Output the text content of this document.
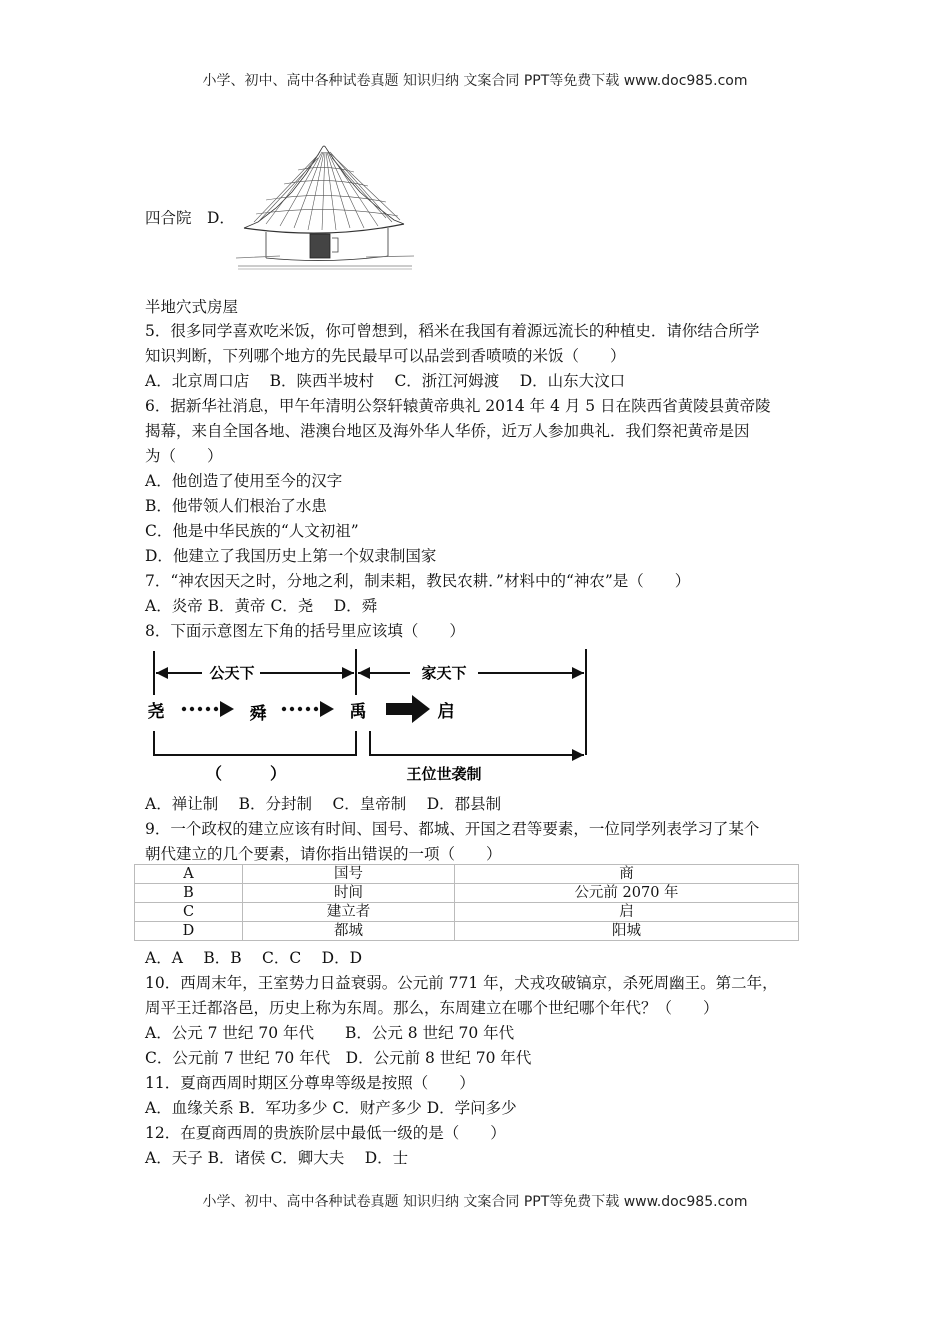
小学、初中、高中各种试卷真题 知识归纳 文案合同 PPT等免费下载 www.doc985.com
四合院　D．
半地穴式房屋
5．很多同学喜欢吃米饭，你可曾想到，稻米在我国有着源远流长的种植史．请你结合所学
知识判断，下列哪个地方的先民最早可以品尝到香喷喷的米饭（　　）
A．北京周口店　 B．陕西半坡村　 C．浙江河姆渡　 D．山东大汶口
6．据新华社消息，甲午年清明公祭轩辕黄帝典礼 2014 年 4 月 5 日在陕西省黄陵县黄帝陵
揭幕，来自全国各地、港澳台地区及海外华人华侨，近万人参加典礼．我们祭祀黄帝是因
为（　　）
A．他创造了使用至今的汉字
B．他带领人们根治了水患
C．他是中华民族的“人文初祖”
D．他建立了我国历史上第一个奴隶制国家
7．“神农因天之时，分地之利，制耒耜，教民农耕．”材料中的“神农”是（　　）
A．炎帝 B．黄帝 C．尧　 D．舜
8．下面示意图左下角的括号里应该填（　　）
公天下	家天下
尧	舜	禹	启
（　　　）	王位世袭制
A．禅让制　 B．分封制　 C．皇帝制　 D．郡县制
9．一个政权的建立应该有时间、国号、都城、开国之君等要素，一位同学列表学习了某个
朝代建立的几个要素，请你指出错误的一项（　　）
A	国号	商
B	时间	公元前 2070 年
C	建立者	启
D	都城	阳城
A．A　 B．B　 C．C　 D．D
10．西周末年，王室势力日益衰弱。公元前 771 年，犬戎攻破镐京，杀死周幽王。第二年，
周平王迁都洛邑，历史上称为东周。那么，东周建立在哪个世纪哪个年代？（　　）
A．公元 7 世纪 70 年代　　B．公元 8 世纪 70 年代
C．公元前 7 世纪 70 年代　D．公元前 8 世纪 70 年代
11．夏商西周时期区分尊卑等级是按照（　　）
A．血缘关系 B．军功多少 C．财产多少 D．学问多少
12．在夏商西周的贵族阶层中最低一级的是（　　）
A．天子 B．诸侯 C．卿大夫　 D．士
小学、初中、高中各种试卷真题 知识归纳 文案合同 PPT等免费下载 www.doc985.com
